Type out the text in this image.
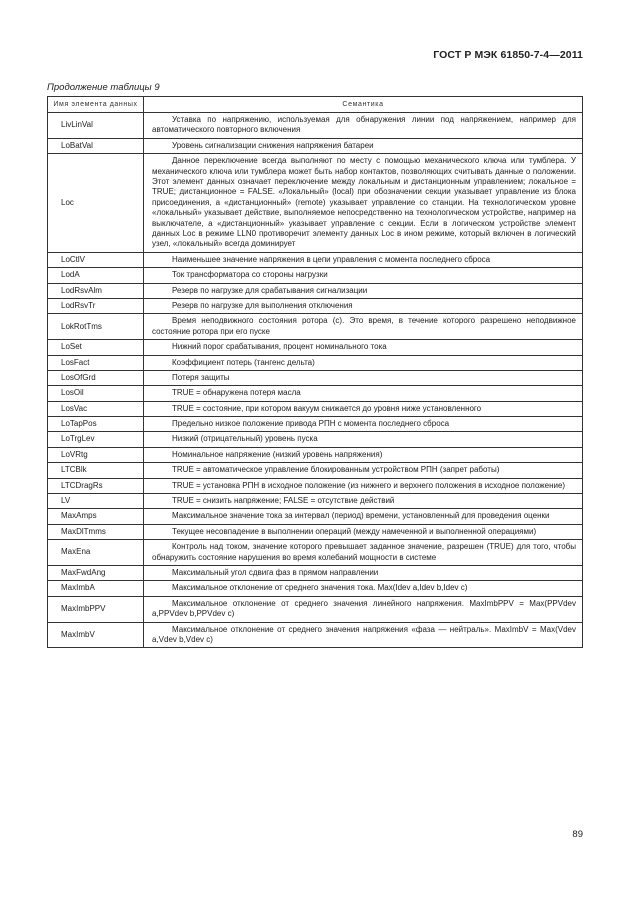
ГОСТ Р МЭК 61850-7-4—2011
Продолжение таблицы 9
Имя элемента данных	Семантика
LivLinVal	Уставка по напряжению, используемая для обнаружения линии под напряжением, например для автоматического повторного включения

LoBatVal	Уровень сигнализации снижения напряжения батареи

Loc	Данное переключение всегда выполняют по месту с помощью механического ключа или тумблера. У механического ключа или тумблера может быть набор контактов, позволяющих считывать данные о положении. Этот элемент данных означает переключение между локальным и дистанционным управлением; локальное = TRUE; дистанционное = FALSE. «Локальный» (local) при обозначении секции указывает управление из блока присоединения, а «дистанционный» (remote) указывает управление со станции. На технологическом уровне «локальный» указывает действие, выполняемое непосредственно на технологическом устройстве, например на выключателе, а «дистанционный» указывает управление с секции. Если в логическом устройстве элемент данных Loc в режиме LLN0 противоречит элементу данных Loc в ином режиме, который включен в логический узел, «локальный» всегда доминирует

LoCtlV	Наименьшее значение напряжения в цепи управления с момента последнего сброса

LodA	Ток трансформатора со стороны нагрузки

LodRsvAlm	Резерв по нагрузке для срабатывания сигнализации

LodRsvTr	Резерв по нагрузке для выполнения отключения

LokRotTms	Время неподвижного состояния ротора (с). Это время, в течение которого разрешено неподвижное состояние ротора при его пуске

LoSet	Нижний порог срабатывания, процент номинального тока

LosFact	Коэффициент потерь (тангенс дельта)

LosOfGrd	Потеря защиты

LosOil	TRUE = обнаружена потеря масла

LosVac	TRUE = состояние, при котором вакуум снижается до уровня ниже установленного

LoTapPos	Предельно низкое положение привода РПН с момента последнего сброса

LoTrgLev	Низкий (отрицательный) уровень пуска

LoVRtg	Номинальное напряжение (низкий уровень напряжения)

LTCBlk	TRUE = автоматическое управление блокированным устройством РПН (запрет работы)

LTCDragRs	TRUE = установка РПН в исходное положение (из нижнего и верхнего положения в исходное положение)

LV	TRUE = снизить напряжение; FALSE = отсутствие действий

MaxAmps	Максимальное значение тока за интервал (период) времени, установленный для проведения оценки

MaxDlTmms	Текущее несовпадение в выполнении операций (между намеченной и выполненной операциями)

MaxEna	Контроль над током, значение которого превышает заданное значение, разрешен (TRUE) для того, чтобы обнаружить состояние нарушения во время колебаний мощности в системе

MaxFwdAng	Максимальный угол сдвига фаз в прямом направлении

MaxImbA	Максимальное отклонение от среднего значения тока. Max(Idev a,Idev b,Idev c)

MaxImbPPV	Максимальное отклонение от среднего значения линейного напряжения. MaxImbPPV = Max(PPVdev a,PPVdev b,PPVdev c)

MaxImbV	Максимальное отклонение от среднего значения напряжения «фаза — нейтраль». MaxImbV = Max(Vdev a,Vdev b,Vdev c)
89
